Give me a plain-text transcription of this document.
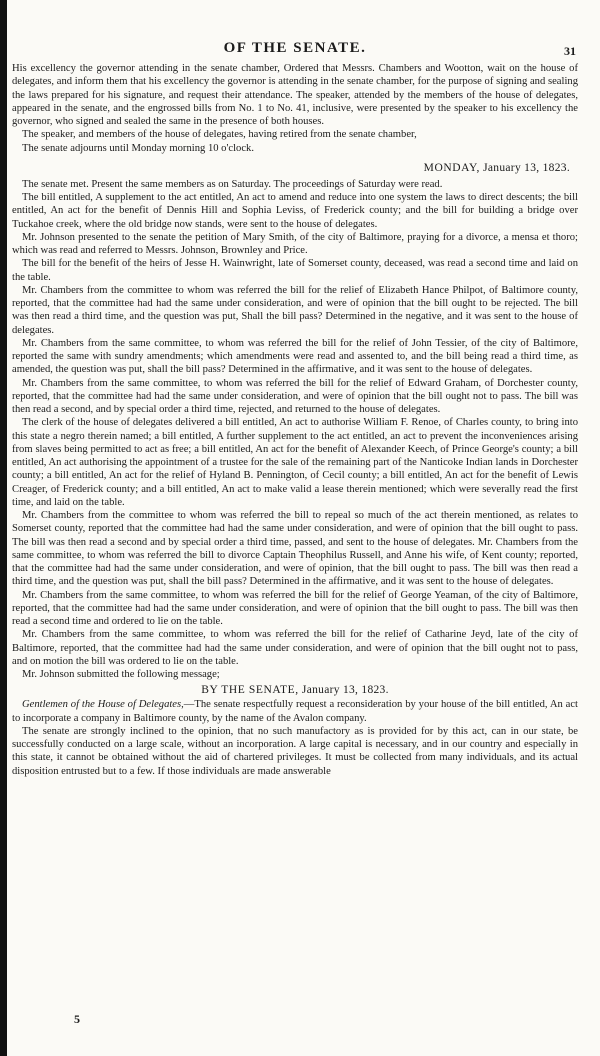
OF THE SENATE.	31

His excellency the governor attending in the senate chamber, Ordered that Messrs. Chambers and Wootton, wait on the house of delegates, and inform them that his excellency the governor is attending in the senate chamber, for the purpose of signing and sealing the laws prepared for his signature, and request their attendance. The speaker, attended by the members of the house of delegates, appeared in the senate, and the engrossed bills from No. 1 to No. 41, inclusive, were presented by the speaker to his excellency the governor, who signed and sealed the same in the presence of both houses.

The speaker, and members of the house of delegates, having retired from the senate chamber,

The senate adjourns until Monday morning 10 o'clock.

MONDAY, January 13, 1823.

The senate met. Present the same members as on Saturday. The proceedings of Saturday were read.

The bill entitled, A supplement to the act entitled, An act to amend and reduce into one system the laws to direct descents; the bill entitled, An act for the benefit of Dennis Hill and Sophia Leviss, of Frederick county; and the bill for building a bridge over Tuckahoe creek, where the old bridge now stands, were sent to the house of delegates.

Mr. Johnson presented to the senate the petition of Mary Smith, of the city of Baltimore, praying for a divorce, a mensa et thoro; which was read and referred to Messrs. Johnson, Brownley and Price.

The bill for the benefit of the heirs of Jesse H. Wainwright, late of Somerset county, deceased, was read a second time and laid on the table.

Mr. Chambers from the committee to whom was referred the bill for the relief of Elizabeth Hance Philpot, of Baltimore county, reported, that the committee had had the same under consideration, and were of opinion that the bill ought to be rejected. The bill was then read a third time, and the question was put, Shall the bill pass? Determined in the negative, and it was sent to the house of delegates.

Mr. Chambers from the same committee, to whom was referred the bill for the relief of John Tessier, of the city of Baltimore, reported the same with sundry amendments; which amendments were read and assented to, and the bill being read a third time, as amended, the question was put, shall the bill pass? Determined in the affirmative, and it was sent to the house of delegates.

Mr. Chambers from the same committee, to whom was referred the bill for the relief of Edward Graham, of Dorchester county, reported, that the committee had had the same under consideration, and were of opinion that the bill ought not to pass. The bill was then read a second, and by special order a third time, rejected, and returned to the house of delegates.

The clerk of the house of delegates delivered a bill entitled, An act to authorise William F. Renoe, of Charles county, to bring into this state a negro therein named; a bill entitled, A further supplement to the act entitled, an act to prevent the inconveniences arising from slaves being permitted to act as free; a bill entitled, An act for the benefit of Alexander Keech, of Prince George's county; a bill entitled, An act authorising the appointment of a trustee for the sale of the remaining part of the Nanticoke Indian lands in Dorchester county; a bill entitled, An act for the relief of Hyland B. Pennington, of Cecil county; a bill entitled, An act for the benefit of Lewis Creager, of Frederick county; and a bill entitled, An act to make valid a lease therein mentioned; which were severally read the first time, and laid on the table.

Mr. Chambers from the committee to whom was referred the bill to repeal so much of the act therein mentioned, as relates to Somerset county, reported that the committee had had the same under consideration, and were of opinion that the bill ought to pass. The bill was then read a second and by special order a third time, passed, and sent to the house of delegates. Mr. Chambers from the same committee, to whom was referred the bill to divorce Captain Theophilus Russell, and Anne his wife, of Kent county; reported, that the committee had had the same under consideration, and were of opinion, that the bill ought to pass. The bill was then read a third time, and the question was put, shall the bill pass? Determined in the affirmative, and it was sent to the house of delegates.

Mr. Chambers from the same committee, to whom was referred the bill for the relief of George Yeaman, of the city of Baltimore, reported, that the committee had had the same under consideration, and were of opinion that the bill ought to pass. The bill was then read a second time and ordered to lie on the table.

Mr. Chambers from the same committee, to whom was referred the bill for the relief of Catharine Jeyd, late of the city of Baltimore, reported, that the committee had had the same under consideration, and were of opinion that the bill ought not to pass, and on motion the bill was ordered to lie on the table.

Mr. Johnson submitted the following message;

BY THE SENATE, January 13, 1823.

Gentlemen of the House of Delegates,—The senate respectfully request a reconsideration by your house of the bill entitled, An act to incorporate a company in Baltimore county, by the name of the Avalon company.

The senate are strongly inclined to the opinion, that no such manufactory as is provided for by this act, can in our state, be successfully conducted on a large scale, without an incorporation. A large capital is necessary, and in our country and especially in this state, it cannot be obtained without the aid of chartered privileges. It must be collected from many individuals, and its actual disposition entrusted but to a few. If those individuals are made answerable

5
